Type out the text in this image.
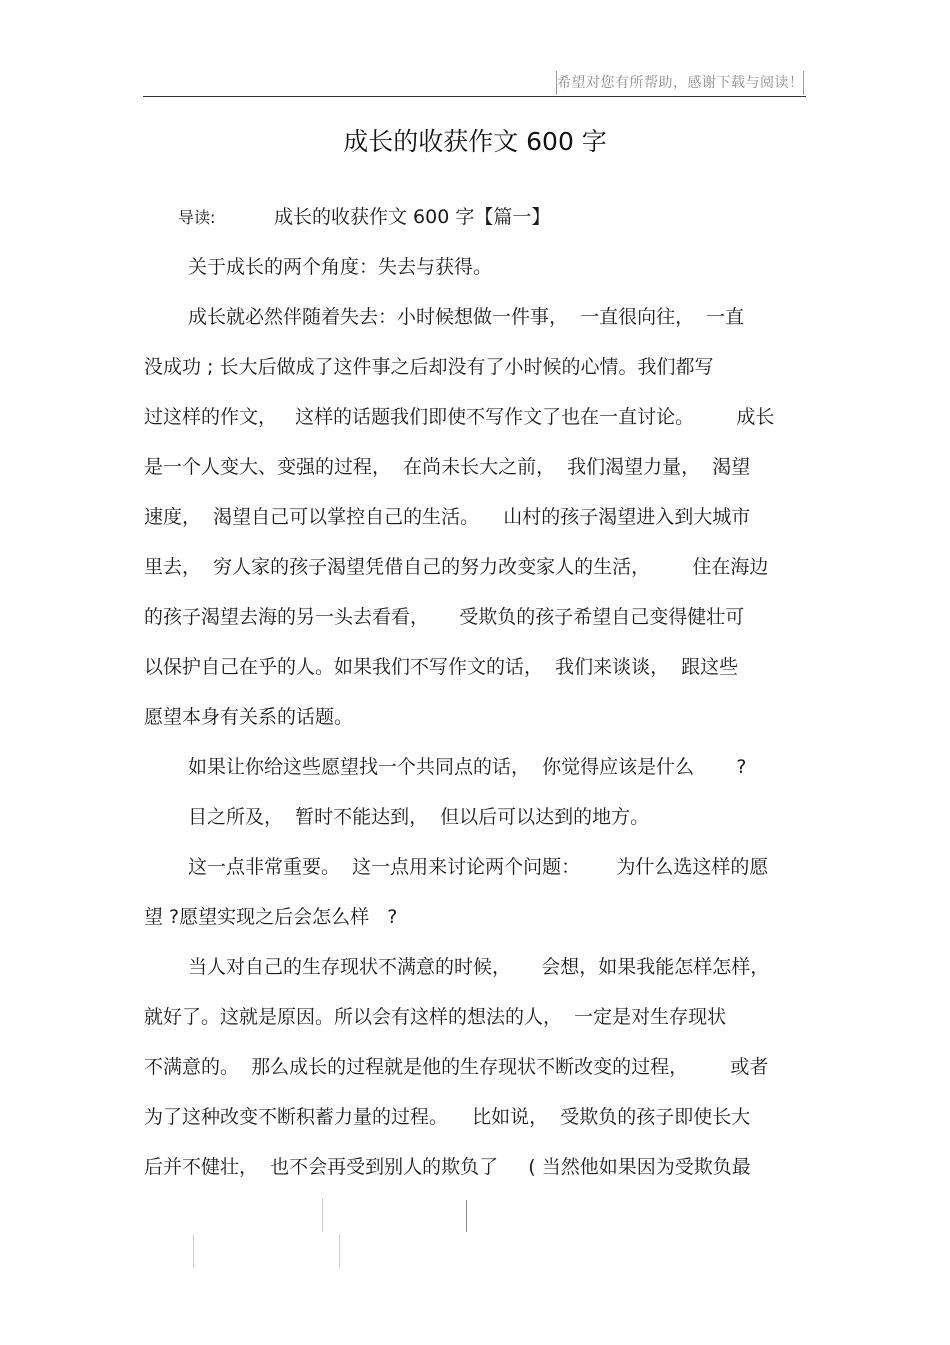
希望对您有所帮助，感谢下载与阅读！
成长的收获作文 600 字
导读:	成长的收获作文 600 字【篇一】
关于成长的两个角度：失去与获得。
成长就必然伴随着失去：小时候想做一件事，  一直很向往，  一直
没成功 ; 长大后做成了这件事之后却没有了小时候的心情。我们都写
过这样的作文，   这样的话题我们即使不写作文了也在一直讨论。       成长
是一个人变大、变强的过程，  在尚未长大之前，  我们渴望力量，  渴望
速度，  渴望自己可以掌控自己的生活。    山村的孩子渴望进入到大城市
里去，  穷人家的孩子渴望凭借自己的努力改变家人的生活，       住在海边
的孩子渴望去海的另一头去看看，     受欺负的孩子希望自己变得健壮可
以保护自己在乎的人。如果我们不写作文的话，  我们来谈谈，  跟这些
愿望本身有关系的话题。
如果让你给这些愿望找一个共同点的话，  你觉得应该是什么       ?
目之所及，  暂时不能达到，  但以后可以达到的地方。
这一点非常重要。  这一点用来讨论两个问题：      为什么选这样的愿
望 ?愿望实现之后会怎么样   ?
当人对自己的生存现状不满意的时候，     会想，如果我能怎样怎样，
就好了。这就是原因。所以会有这样的想法的人，  一定是对生存现状
不满意的。  那么成长的过程就是他的生存现状不断改变的过程，       或者
为了这种改变不断积蓄力量的过程。    比如说，  受欺负的孩子即使长大
后并不健壮，  也不会再受到别人的欺负了     ( 当然他如果因为受欺负最
